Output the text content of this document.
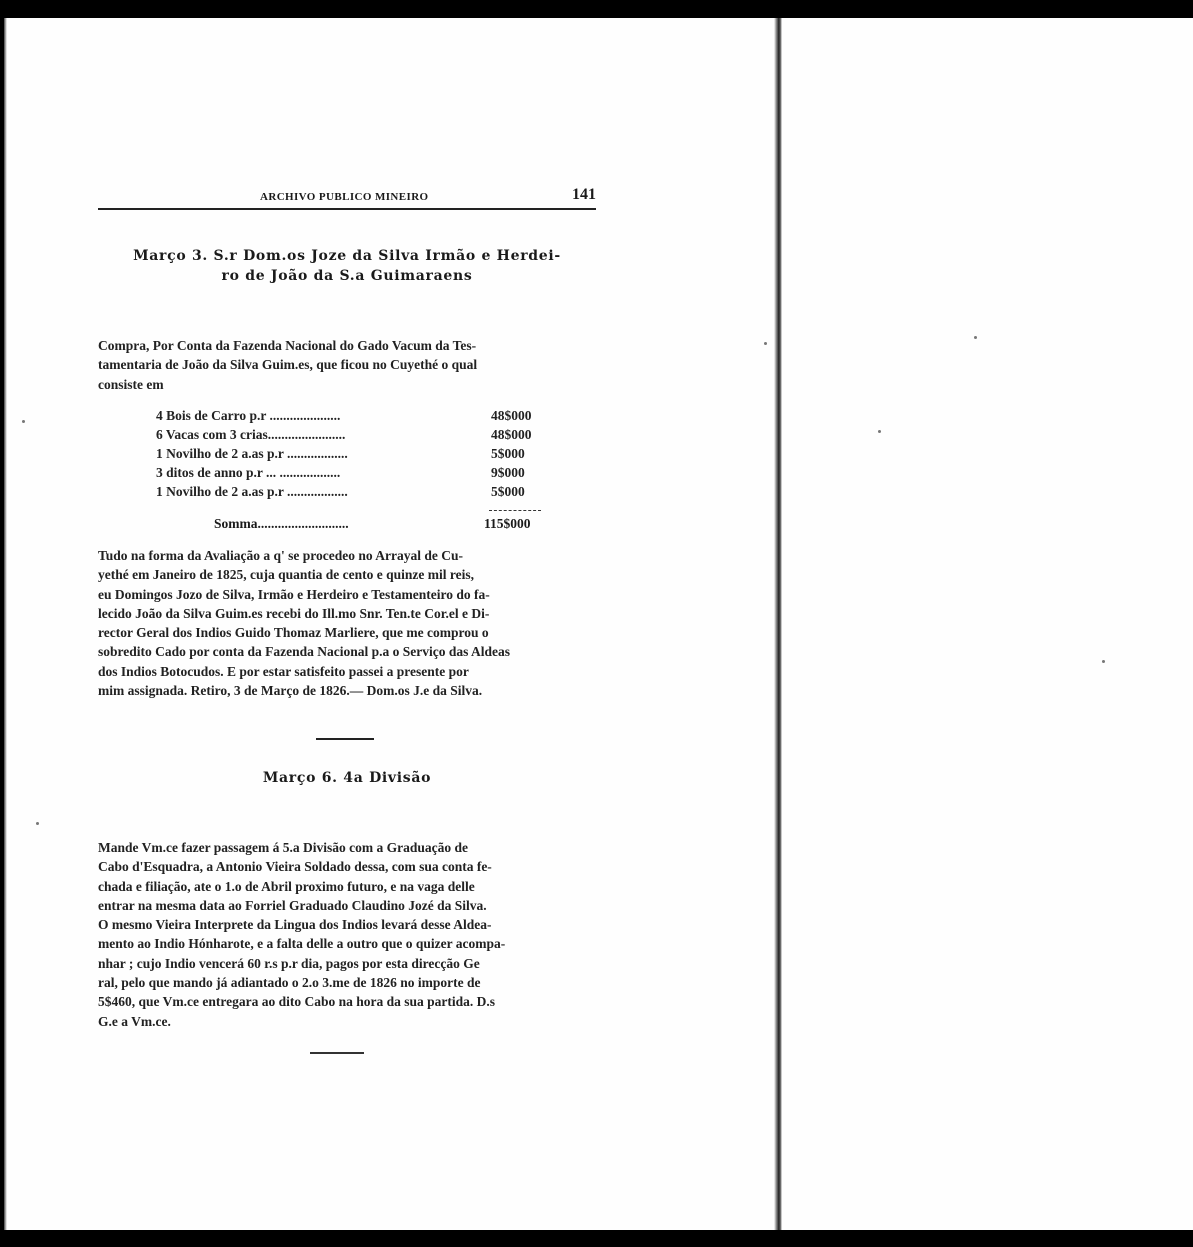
ARCHIVO PUBLICO MINEIRO	141
Março 3. S.r Dom.os Joze da Silva Irmão e Herdei-
ro de João da S.a Guimaraens
Compra, Por Conta da Fazenda Nacional do Gado Vacum da Tes-
tamentaria de João da Silva Guim.es, que ficou no Cuyethé o qual
consiste em
4 Bois de Carro p.r .....................	48$000
6 Vacas com 3 crias.......................	48$000
1 Novilho de 2 a.as p.r ..................	5$000
3 ditos de anno p.r ... ..................	9$000
1 Novilho de 2 a.as p.r ..................	5$000
Somma...........................	115$000
Tudo na forma da Avaliação a q' se procedeo no Arrayal de Cu-
yethé em Janeiro de 1825, cuja quantia de cento e quinze mil reis,
eu Domingos Jozo de Silva, Irmão e Herdeiro e Testamenteiro do fa-
lecido João da Silva Guim.es recebi do Ill.mo Snr. Ten.te Cor.el e Di-
rector Geral dos Indios Guido Thomaz Marliere, que me comprou o
sobredito Cado por conta da Fazenda Nacional p.a o Serviço das Aldeas
dos Indios Botocudos. E por estar satisfeito passei a presente por
mim assignada. Retiro, 3 de Março de 1826.— Dom.os J.e da Silva.
Março 6. 4a Divisão
Mande Vm.ce fazer passagem á 5.a Divisão com a Graduação de
Cabo d'Esquadra, a Antonio Vieira Soldado dessa, com sua conta fe-
chada e filiação, ate o 1.o de Abril proximo futuro, e na vaga delle
entrar na mesma data ao Forriel Graduado Claudino Jozé da Silva.
O mesmo Vieira Interprete da Lingua dos Indios levará desse Aldea-
mento ao Indio Hónharote, e a falta delle a outro que o quizer acompa-
nhar ; cujo Indio vencerá 60 r.s p.r dia, pagos por esta direcção Ge
ral, pelo que mando já adiantado o 2.o 3.me de 1826 no importe de
5$460, que Vm.ce entregara ao dito Cabo na hora da sua partida. D.s
G.e a Vm.ce.
